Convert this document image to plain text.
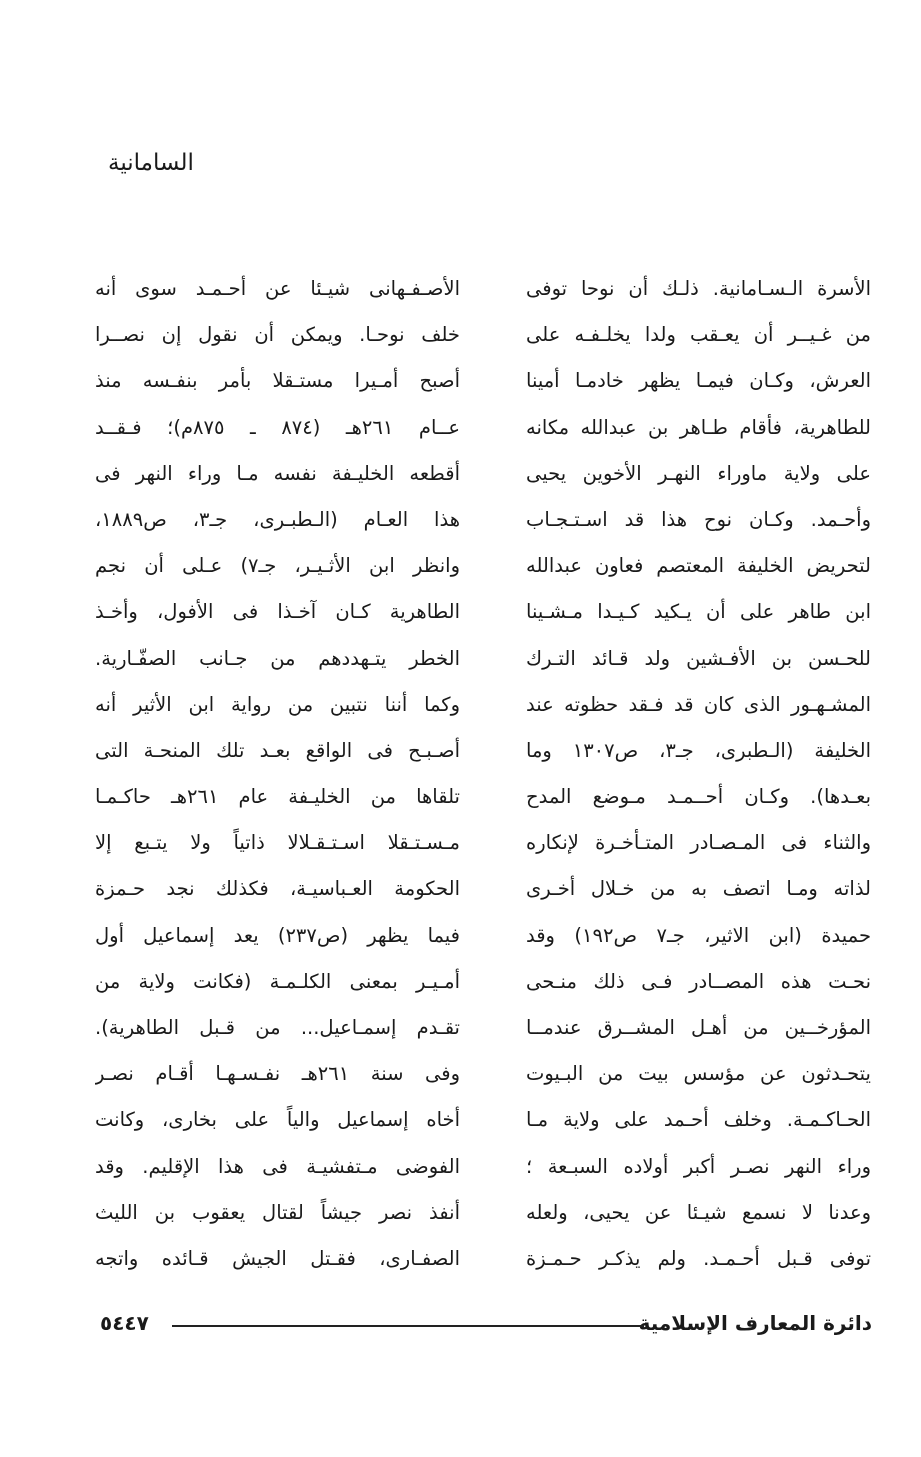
السامانية
الأسرة الـسـامانية. ذلـك أن نوحا توفى
من غـيــر أن يعـقب ولدا يخلـفـه على
العرش، وكـان فيمـا يظهر خادمـا أمينا
للطاهرية، فأقام طـاهر بن عبدالله مكانه
على ولاية ماوراء النهـر الأخوين يحيى
وأحـمد. وكـان نوح هذا قد اسـتـجـاب
لتحريض الخليفة المعتصم فعاون عبدالله
ابن طاهر على أن يـكيد كـيـدا مـشـينا
للحـسن بن الأفـشين ولد قـائد التـرك
المشـهـور الذى كان قد فـقد حظوته عند
الخليفة (الـطبرى، جـ٣، ص١٣٠٧ وما
بعـدها). وكـان أحــمـد مـوضع المدح
والثناء فى المـصـادر المتـأخـرة لإنكاره
لذاته ومـا اتصف به من خـلال أخـرى
حميدة (ابن الاثير، جـ٧ ص١٩٢) وقد
نحـت هذه المصــادر فـى ذلك منـحى
المؤرخــين من أهـل المشــرق عندمــا
يتحـدثون عن مؤسس بيت من البـيوت
الحـاكـمـة. وخلف أحـمد على ولاية مـا
وراء النهر نصـر أكبر أولاده السبـعة ؛
وعدنا لا نسمع شيـئا عن يحيى، ولعله
توفى قـبل أحـمـد. ولم يذكـر حـمـزة
الأصـفـهانى شيـئا عن أحـمـد سوى أنه
خلف نوحـا. ويمكن أن نقول إن نصــرا
أصبح أمـيرا مستـقلا بأمر بنفـسه منذ
عــام ٢٦١هـ (٨٧٤ ـ ٨٧٥م)؛ فـقــد
أقطعه الخليـفة نفسه مـا وراء النهر فى
هذا العـام (الـطبـرى، جـ٣، ص١٨٨٩،
وانظر ابن الأثـيـر، جـ٧) عـلى أن نجم
الطاهرية كـان آخـذا فى الأفول، وأخـذ
الخطر يتـهددهم من جـانب الصفّـارية.
وكما أننا نتبين من رواية ابن الأثير أنه
أصـبـح فى الواقع بعـد تلك المنحـة التى
تلقاها من الخليـفة عام ٢٦١هـ حاكـمـا
مـسـتـقلا اسـتـقـلالا ذاتياً ولا يتـبع إلا
الحكومة العـباسيـة، فكذلك نجد حـمزة
فيما يظهر (ص٢٣٧) يعد إسماعيل أول
أمـيـر بمعنى الكلـمـة (فكانت ولاية من
تقـدم إسمـاعيل... من قـبل الطاهرية).
وفى سنة ٢٦١هـ نفـسـهـا أقـام نصـر
أخاه إسماعيل والياً على بخارى، وكانت
الفوضى مـتفشيـة فى هذا الإقليم. وقد
أنفذ نصر جيشاً لقتال يعقوب بن الليث
الصفـارى، فقـتل الجيش قـائده واتجه
دائرة المعارف الإسلامية
٥٤٤٧
